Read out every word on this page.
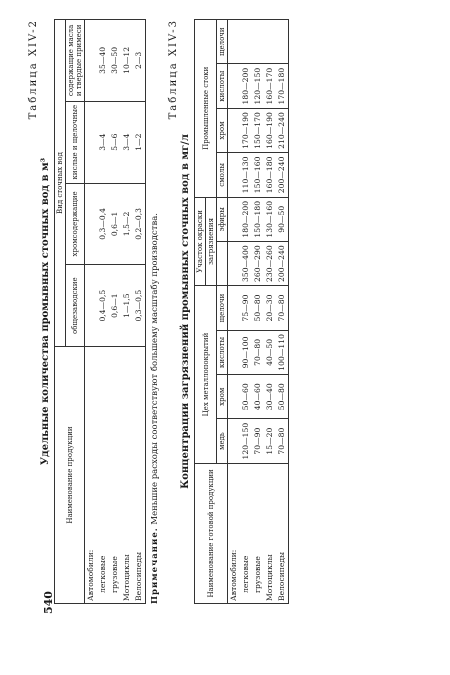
540
Таблица XIV-2
Удельные количества промывных сточных вод в м³
Наименование продукции	Вид сточных вод			
	общезаводские	хромсодержащие	кислые и щелочные	содержащие масла и твердые примеси
Автомобили:				
легковые	0,4—0,5	0,3—0,4	3—4	35—40
грузовые	0,6—1	0,6—1	5—6	30—50
Мотоциклы	1—1,5	1,5—2	3—4	10—12
Велосипеды	0,3—0,5	0,2—0,3	1—2	2—3
Примечание. Меньшие расходы соответствуют большему масштабу производства.
Таблица XIV-3
Концентрации загрязнений промывных сточных вод в мг/л
Наименование готовой продукции	Цех металлопокрытий				Участок окраски		Промышленные стоки			
					загрязнения					
	медь	хром	кислоты	щелочи		эфиры	смолы	хром	кислоты	щелочи
Автомобили:										
легковые	120—150	50—60	90—100	75—90	350—400	180—200	110—130	170—190	180—200	
грузовые	70—90	40—60	70—80	50—80	260—290	150—180	150—160	150—170	120—150	
Мотоциклы	15—20	30—40	40—50	20—30	230—260	130—160	160—180	160—190	160—170	
Велосипеды	70—80	50—80	100—110	70—80	200—240	90—50	200—240	210—240	170—180	
